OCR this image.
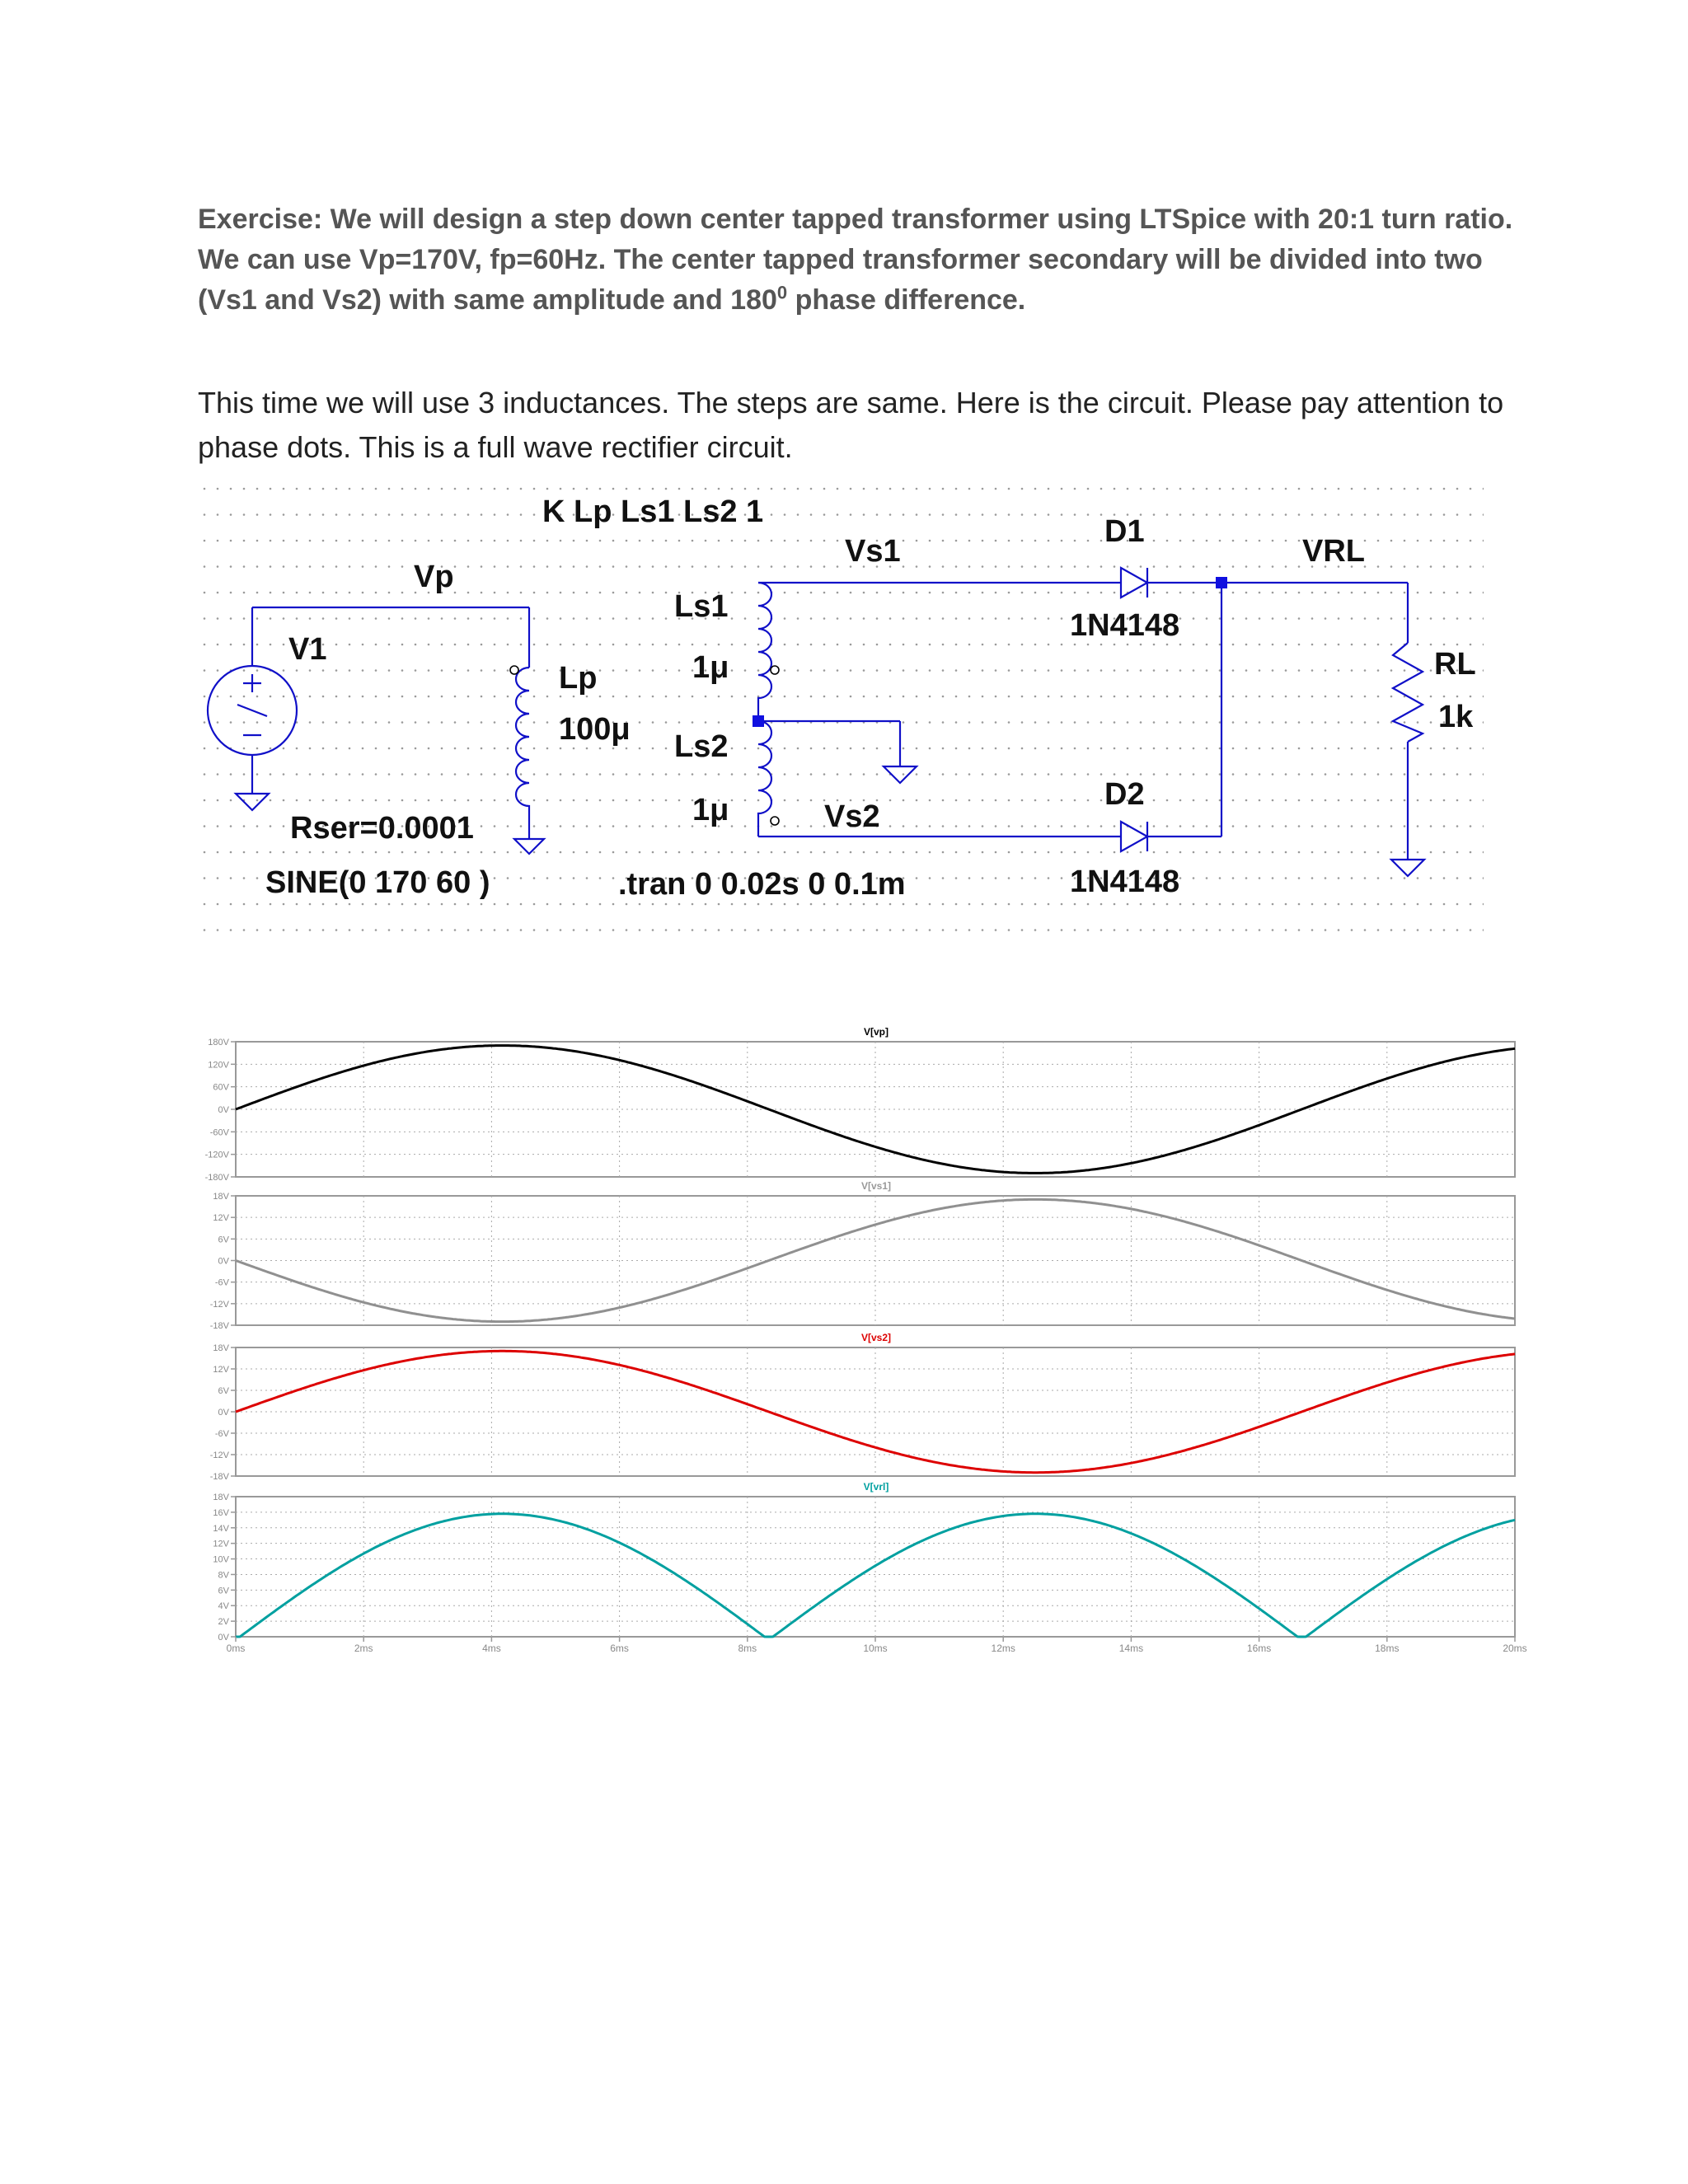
Exercise: We will design a step down center tapped transformer using LTSpice with 20:1 turn ratio. We can use Vp=170V, fp=60Hz. The center tapped transformer secondary will be divided into two (Vs1 and Vs2) with same amplitude and $180^0$ phase difference.

This time we will use 3 inductances. The steps are same. Here is the circuit. Please pay attention to phase dots. This is a full wave rectifier circuit.

K Lp Ls1 Ls2 1
Vp
V1
Lp
100μ
Ls1
1μ
Ls2
1μ
Vs1
Vs2
D1
1N4148
D2
1N4148
VRL
RL
1k
Rser=0.0001
SINE(0 170 60 )	.tran 0 0.02s 0 0.1m
180V
120V
60V
0V
-60V
-120V
-180V
V[vp]
18V
12V
6V
0V
-6V
-12V
-18V
V[vs1]
18V
12V
6V
0V
-6V
-12V
-18V
V[vs2]
18V
16V
14V
12V
10V
8V
6V
4V
2V
0V
V[vrl]
0ms	2ms	4ms	6ms	8ms	10ms	12ms	14ms	16ms	18ms	20ms
